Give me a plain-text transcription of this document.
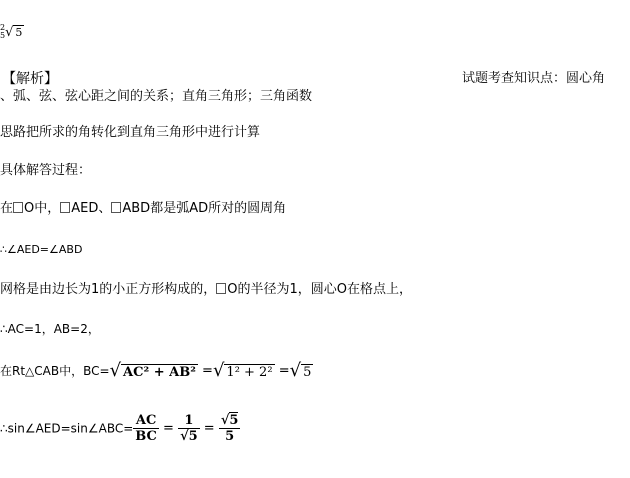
2
5 √ 5
【解析】	试题考查知识点：圆心角
、弧、弦、弦心距之间的关系；直角三角形；三角函数
思路把所求的角转化到直角三角形中进行计算
具体解答过程：
在 O中， AED、 ABD都是弧AD所对的圆周角
∴∠AED=∠ABD
网格是由边长为1的小正方形构成的， O的半径为1，圆心O在格点上，
∴AC=1，AB=2，
在Rt△CAB中，BC=√ AC² + AB² =√ 1² + 2² =√ 5
∴sin∠AED=sin∠ABC= $\frac{AC}{BC} = \frac{1}{√5} = \frac{√5}{5}$
